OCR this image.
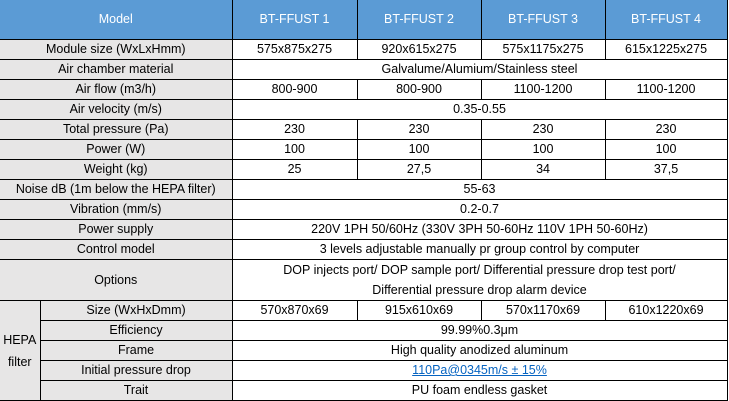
Model		BT-FFUST 1	BT-FFUST 2	BT-FFUST 3	BT-FFUST 4
Module size (WxLxHmm)		575x875x275	920x615x275	575x1175x275	615x1225x275
Air chamber material		Galvalume/Alumium/Stainless steel			
Air flow (m3/h)		800-900	800-900	1100-1200	1100-1200
Air velocity (m/s)		0.35-0.55			
Total pressure (Pa)		230	230	230	230
Power (W)		100	100	100	100
Weight (kg)		25	27,5	34	37,5
Noise dB (1m below the HEPA filter)		55-63			
Vibration (mm/s)		0.2-0.7			
Power supply		220V 1PH 50/60Hz (330V 3PH 50-60Hz 110V 1PH 50-60Hz)			
Control model		3 levels adjustable manually pr group control by computer			
Options		DOP injects port/ DOP sample port/ Differential pressure drop test port/
Differential pressure drop alarm device			

HEPA
filter	Size (WxHxDmm)	570x870x69	915x610x69	570x1170x69	610x1220x69
	Efficiency	99.99%0.3μm			
	Frame	High quality anodized aluminum			
	Initial pressure drop	110Pa@0345m/s ± 15%			
	Trait	PU foam endless gasket			
